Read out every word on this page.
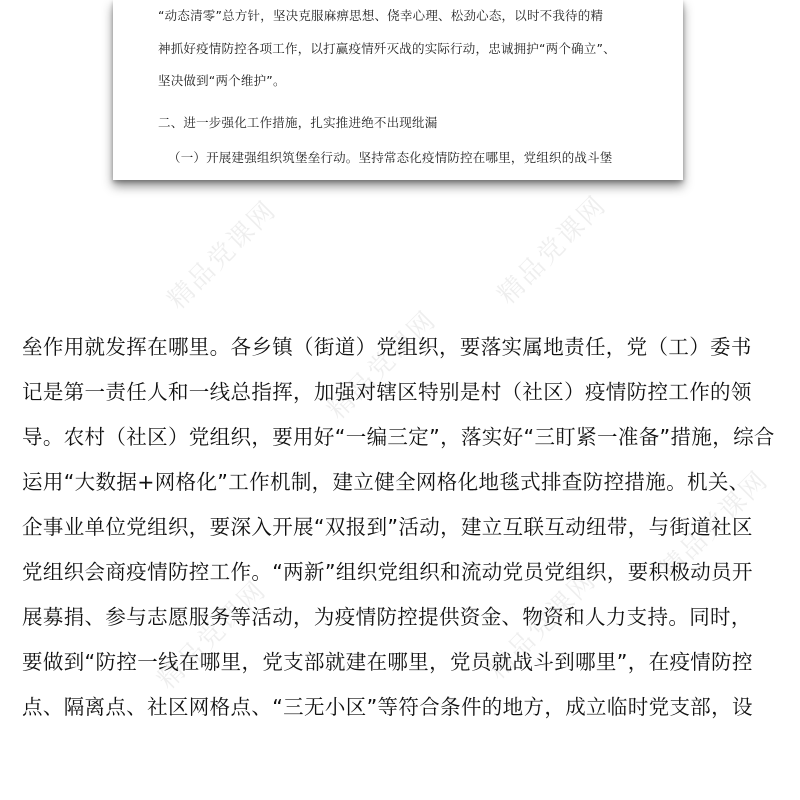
“动态清零”总方针，坚决克服麻痹思想、侥幸心理、松劲心态，以时不我待的精
神抓好疫情防控各项工作，以打赢疫情歼灭战的实际行动，忠诚拥护“两个确立”、
坚决做到“两个维护”。
二、进一步强化工作措施，扎实推进绝不出现纰漏
（一）开展建强组织筑堡垒行动。坚持常态化疫情防控在哪里，党组织的战斗堡
精品党课网	精品党课网
精品党课网
精品党课网	精品党课网
精品党课网
垒作用就发挥在哪里。各乡镇（街道）党组织，要落实属地责任，党（工）委书
记是第一责任人和一线总指挥，加强对辖区特别是村（社区）疫情防控工作的领
导。农村（社区）党组织，要用好“一编三定”，落实好“三盯紧一准备”措施，综合
运用“大数据+网格化”工作机制，建立健全网格化地毯式排查防控措施。机关、
企事业单位党组织，要深入开展“双报到”活动，建立互联互动纽带，与街道社区
党组织会商疫情防控工作。“两新”组织党组织和流动党员党组织，要积极动员开
展募捐、参与志愿服务等活动，为疫情防控提供资金、物资和人力支持。同时，
要做到“防控一线在哪里，党支部就建在哪里，党员就战斗到哪里”，在疫情防控
点、隔离点、社区网格点、“三无小区”等符合条件的地方，成立临时党支部，设
